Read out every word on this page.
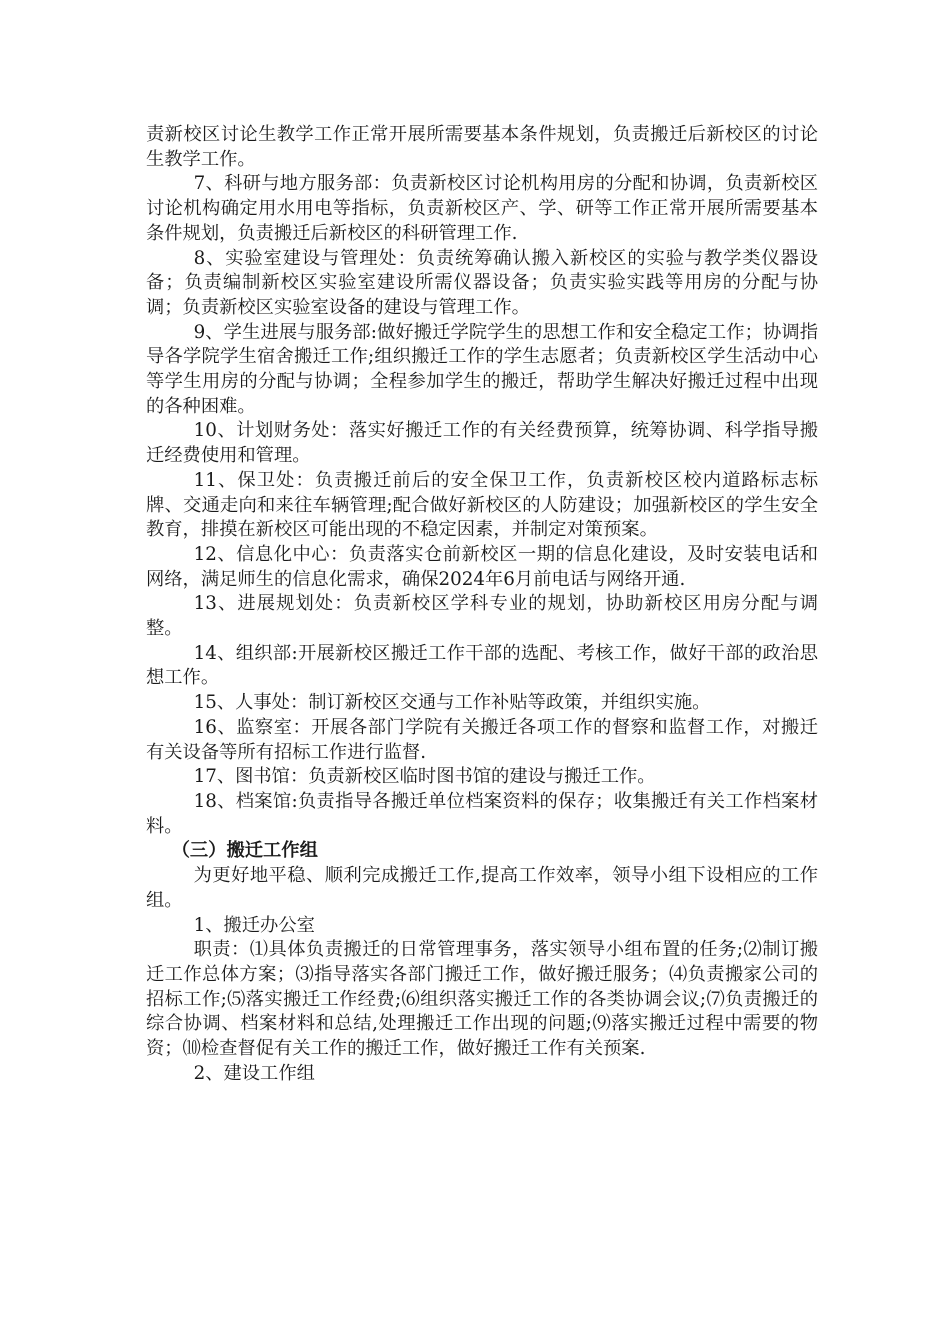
责新校区讨论生教学工作正常开展所需要基本条件规划，负责搬迁后新校区的讨论生教学工作。

7、科研与地方服务部：负责新校区讨论机构用房的分配和协调，负责新校区讨论机构确定用水用电等指标，负责新校区产、学、研等工作正常开展所需要基本条件规划，负责搬迁后新校区的科研管理工作.

8、实验室建设与管理处：负责统筹确认搬入新校区的实验与教学类仪器设备；负责编制新校区实验室建设所需仪器设备；负责实验实践等用房的分配与协调；负责新校区实验室设备的建设与管理工作。

9、学生进展与服务部:做好搬迁学院学生的思想工作和安全稳定工作；协调指导各学院学生宿舍搬迁工作;组织搬迁工作的学生志愿者；负责新校区学生活动中心等学生用房的分配与协调；全程参加学生的搬迁，帮助学生解决好搬迁过程中出现的各种困难。

10、计划财务处：落实好搬迁工作的有关经费预算，统筹协调、科学指导搬迁经费使用和管理。

11、保卫处：负责搬迁前后的安全保卫工作，负责新校区校内道路标志标牌、交通走向和来往车辆管理;配合做好新校区的人防建设；加强新校区的学生安全教育，排摸在新校区可能出现的不稳定因素，并制定对策预案。

12、信息化中心：负责落实仓前新校区一期的信息化建设，及时安装电话和网络，满足师生的信息化需求，确保2024年6月前电话与网络开通.

13、进展规划处：负责新校区学科专业的规划，协助新校区用房分配与调整。

14、组织部:开展新校区搬迁工作干部的选配、考核工作，做好干部的政治思想工作。

15、人事处：制订新校区交通与工作补贴等政策，并组织实施。

16、监察室：开展各部门学院有关搬迁各项工作的督察和监督工作，对搬迁有关设备等所有招标工作进行监督.

17、图书馆：负责新校区临时图书馆的建设与搬迁工作。

18、档案馆:负责指导各搬迁单位档案资料的保存；收集搬迁有关工作档案材料。

（三）搬迁工作组

为更好地平稳、顺利完成搬迁工作,提高工作效率，领导小组下设相应的工作组。

1、搬迁办公室

职责：⑴具体负责搬迁的日常管理事务，落实领导小组布置的任务;⑵制订搬迁工作总体方案；⑶指导落实各部门搬迁工作，做好搬迁服务；⑷负责搬家公司的招标工作;⑸落实搬迁工作经费;⑹组织落实搬迁工作的各类协调会议;⑺负责搬迁的综合协调、档案材料和总结,处理搬迁工作出现的问题;⑼落实搬迁过程中需要的物资；⑽检查督促有关工作的搬迁工作，做好搬迁工作有关预案.

2、建设工作组
